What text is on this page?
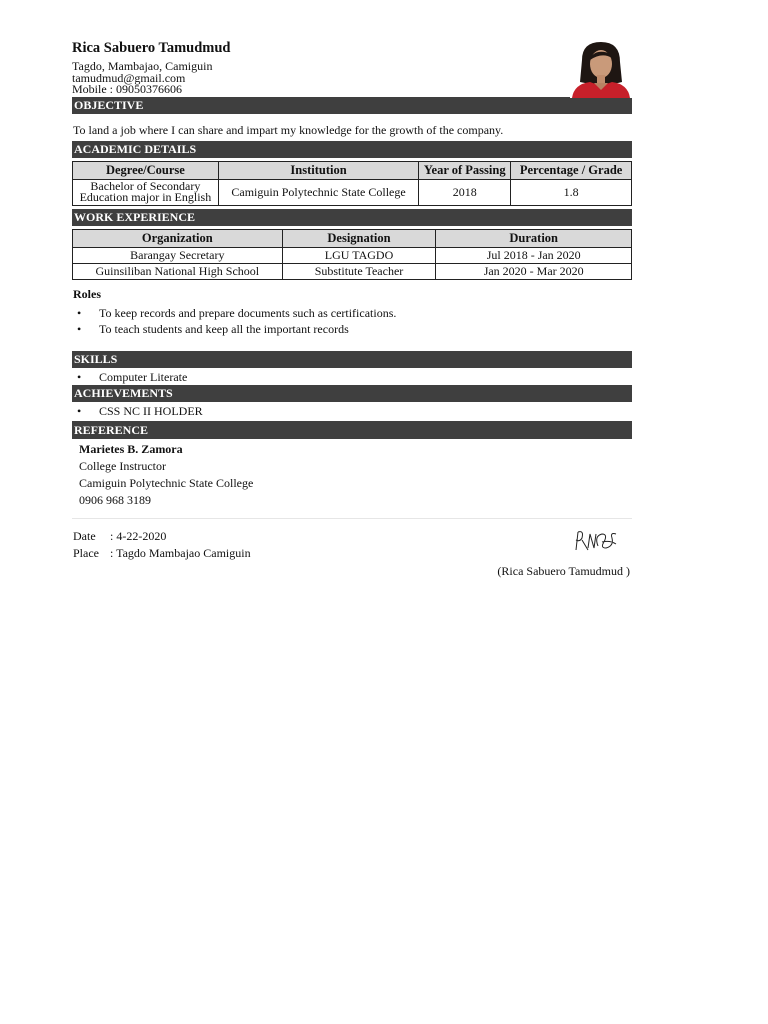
Rica Sabuero Tamudmud
Tagdo, Mambajao, Camiguin
tamudmud@gmail.com
Mobile : 09050376606
OBJECTIVE
To land a job where I can share and impart my knowledge for the growth of the company.
ACADEMIC DETAILS
Degree/Course	Institution	Year of Passing	Percentage / Grade

Bachelor of Secondary
Education major in English	Camiguin Polytechnic State College	2018	1.8
WORK EXPERIENCE
Organization	Designation	Duration
Barangay Secretary	LGU TAGDO	Jul 2018 - Jan 2020
Guinsiliban National High School	Substitute Teacher	Jan 2020 - Mar 2020
Roles
• To keep records and prepare documents such as certifications.
• To teach students and keep all the important records
SKILLS
• Computer Literate
ACHIEVEMENTS
• CSS NC II HOLDER
REFERENCE
Marietes B. Zamora
College Instructor
Camiguin Polytechnic State College
0906 968 3189
Date : 4-22-2020
Place : Tagdo Mambajao Camiguin
(Rica Sabuero Tamudmud )
